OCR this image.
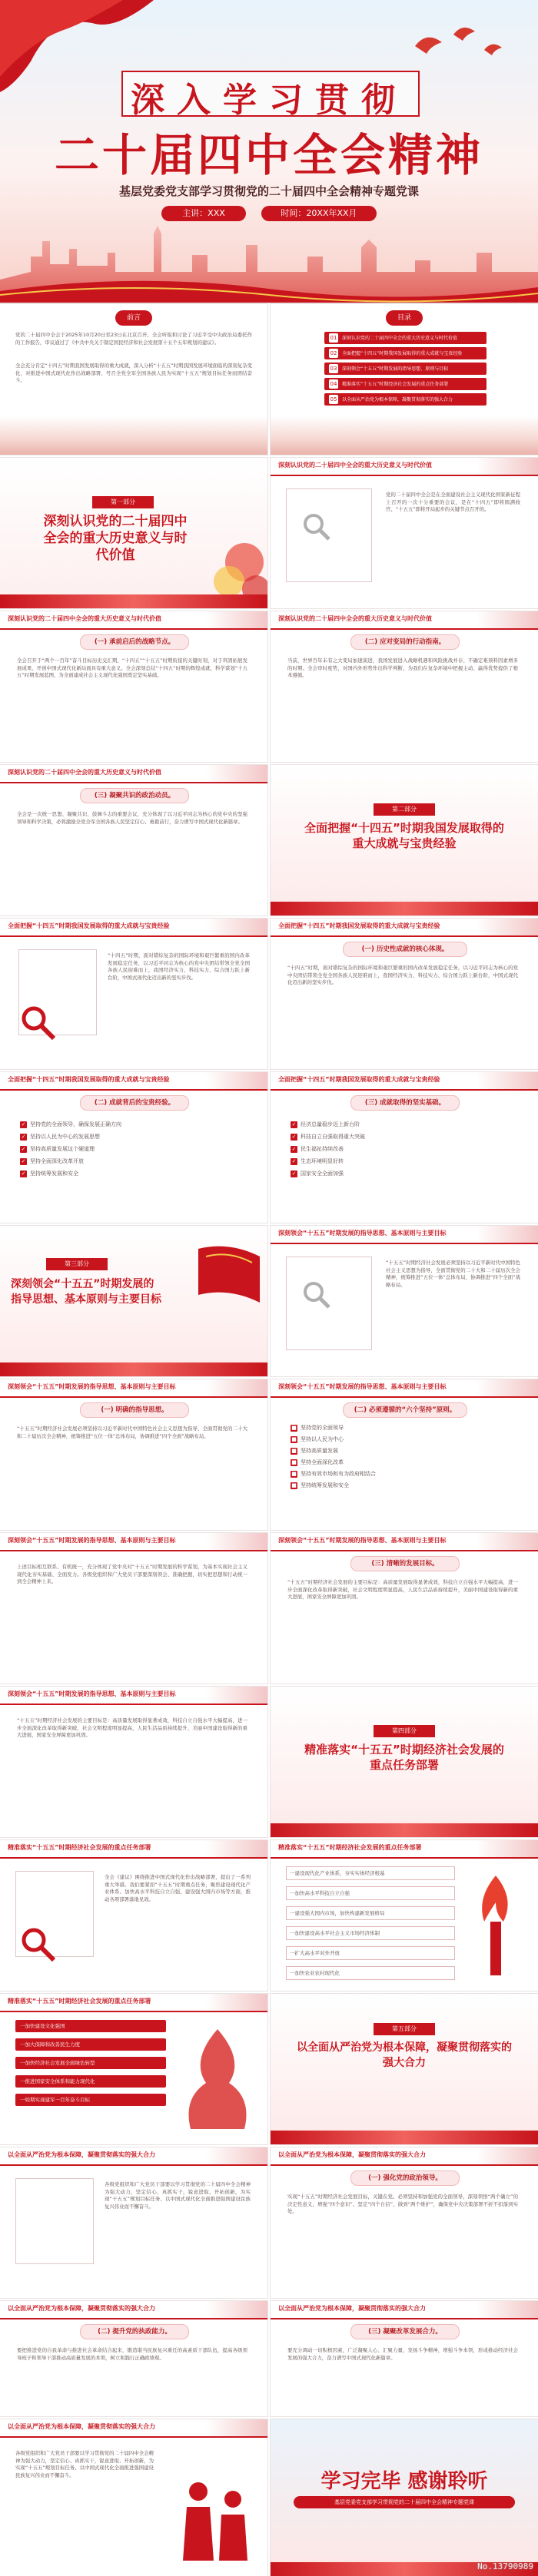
深入学习贯彻
二十届四中全会精神
基层党委党支部学习贯彻党的二十届四中全会精神专题党课
主讲：XXX	时间：20XX年XX月
前言
党的二十届四中全会于2025年10月20日至23日在北京召开。全会听取和讨论了习近平受中央政治局委托作的工作报告，审议通过了《中共中央关于制定国民经济和社会发展第十五个五年规划的建议》。
全会充分肯定“十四五”时期我国发展取得的重大成就，深入分析“十五五”时期我国发展环境面临的深刻复杂变化，对推进中国式现代化作出战略部署，号召全党全军全国各族人民为实现“十五五”规划目标任务而团结奋斗。
目录
01 深刻认识党的二十届四中全会的重大历史意义与时代价值
02 全面把握“十四五”时期我国发展取得的重大成就与宝贵经验
03 深刻领会“十五五”时期发展的指导思想、原则与目标
04 精准落实“十五五”时期经济社会发展的重点任务部署
05 以全面从严治党为根本保障，凝聚贯彻落实的强大合力
第一部分
深刻认识党的二十届四中全会的重大历史意义与时代价值
深刻认识党的二十届四中全会的重大历史意义与时代价值
党的二十届四中全会是在全面建设社会主义现代化国家新征程上召开的一次十分重要的会议，是在“十四五”即将圆满收官、“十五五”即将开局起步的关键节点召开的。
深刻认识党的二十届四中全会的重大历史意义与时代价值
(一) 承前启后的战略节点。
全会召开于“两个一百年”奋斗目标历史交汇期，“十四五”“十五五”时期衔接的关键时刻，对于巩固拓展发展成果、开创中国式现代化新局面具有重大意义。全会深刻总结“十四五”时期的辉煌成就，科学谋划“十五五”时期发展蓝图，为全面建成社会主义现代化强国奠定坚实基础。
深刻认识党的二十届四中全会的重大历史意义与时代价值
(二) 应对变局的行动指南。
当前，世界百年未有之大变局加速演进，我国发展进入战略机遇和风险挑战并存、不确定难预料因素增多的时期。全会审时度势，对国内外形势作出科学判断，为我们在复杂环境中把握主动、赢得优势提供了根本遵循。
深刻认识党的二十届四中全会的重大历史意义与时代价值
(三) 凝聚共识的政治动员。
全会是一次统一思想、凝聚共识、鼓舞斗志的重要会议，充分体现了以习近平同志为核心的党中央的坚强领导和科学决策，必将激励全党全军全国各族人民坚定信心、勇毅前行，奋力谱写中国式现代化新篇章。
第二部分
全面把握“十四五”时期我国发展取得的重大成就与宝贵经验
全面把握“十四五”时期我国发展取得的重大成就与宝贵经验
“十四五”时期，面对错综复杂的国际环境和艰巨繁重的国内改革发展稳定任务，以习近平同志为核心的党中央团结带领全党全国各族人民迎难而上，我国经济实力、科技实力、综合国力跃上新台阶，中国式现代化迈出新的坚实步伐。
全面把握“十四五”时期我国发展取得的重大成就与宝贵经验
(一) 历史性成就的核心体现。
“十四五”时期，面对错综复杂的国际环境和艰巨繁重的国内改革发展稳定任务，以习近平同志为核心的党中央团结带领全党全国各族人民迎难而上，我国经济实力、科技实力、综合国力跃上新台阶，中国式现代化迈出新的坚实步伐。
全面把握“十四五”时期我国发展取得的重大成就与宝贵经验
(二) 成就背后的宝贵经验。
✓ 坚持党的全面领导，确保发展正确方向
✓ 坚持以人民为中心的发展思想
✓ 坚持高质量发展这个硬道理
✓ 坚持全面深化改革开放
✓ 坚持统筹发展和安全
全面把握“十四五”时期我国发展取得的重大成就与宝贵经验
(三) 成就取得的坚实基础。
✓ 经济总量稳步迈上新台阶
✓ 科技自立自强取得重大突破
✓ 民生福祉持续改善
✓ 生态环境明显好转
✓ 国家安全全面加强
第三部分
深刻领会“十五五”时期发展的指导思想、基本原则与主要目标
深刻领会“十五五”时期发展的指导思想、基本原则与主要目标
“十五五”时期经济社会发展必须坚持以习近平新时代中国特色社会主义思想为指导，全面贯彻党的二十大和二十届历次全会精神，统筹推进“五位一体”总体布局，协调推进“四个全面”战略布局。
深刻领会“十五五”时期发展的指导思想、基本原则与主要目标
(一) 明确的指导思想。
“十五五”时期经济社会发展必须坚持以习近平新时代中国特色社会主义思想为指导，全面贯彻党的二十大和二十届历次全会精神，统筹推进“五位一体”总体布局，协调推进“四个全面”战略布局。
深刻领会“十五五”时期发展的指导思想、基本原则与主要目标
(二) 必须遵循的“六个坚持”原则。
■ 坚持党的全面领导
■ 坚持以人民为中心
■ 坚持高质量发展
■ 坚持全面深化改革
■ 坚持有效市场和有为政府相结合
■ 坚持统筹发展和安全
深刻领会“十五五”时期发展的指导思想、基本原则与主要目标
上述目标相互联系、有机统一，充分体现了党中央对“十五五”时期发展的科学谋划，为基本实现社会主义现代化夯实基础、全面发力。各级党组织和广大党员干部要深刻领会、准确把握，切实把思想和行动统一到全会精神上来。
深刻领会“十五五”时期发展的指导思想、基本原则与主要目标
(三) 清晰的发展目标。
“十五五”时期经济社会发展的主要目标是：高质量发展取得显著成效，科技自立自强水平大幅提高，进一步全面深化改革取得新突破，社会文明程度明显提高，人民生活品质持续提升，美丽中国建设取得新的重大进展，国家安全屏障更加巩固。
深刻领会“十五五”时期发展的指导思想、基本原则与主要目标
“十五五”时期经济社会发展的主要目标是：高质量发展取得显著成效，科技自立自强水平大幅提高，进一步全面深化改革取得新突破，社会文明程度明显提高，人民生活品质持续提升，美丽中国建设取得新的重大进展，国家安全屏障更加巩固。
第四部分
精准落实“十五五”时期经济社会发展的重点任务部署
精准落实“十五五”时期经济社会发展的重点任务部署
全会《建议》围绕推进中国式现代化作出战略部署，提出了一系列重大举措。我们要紧扣“十五五”时期重点任务，聚焦建设现代化产业体系、加快高水平科技自立自强、建设强大国内市场等方面，推动各项部署落地见效。
精准落实“十五五”时期经济社会发展的重点任务部署
一建设现代化产业体系，夯实实体经济根基
一加快高水平科技自立自强
一建设强大国内市场，加快构建新发展格局
一加快建设高水平社会主义市场经济体制
一扩大高水平对外开放
一加快农业农村现代化
精准落实“十五五”时期经济社会发展的重点任务部署
一加快建设文化强国
一加大保障和改善民生力度
一加快经济社会发展全面绿色转型
一推进国家安全体系和能力现代化
一如期实现建军一百年奋斗目标
第五部分
以全面从严治党为根本保障，凝聚贯彻落实的强大合力
以全面从严治党为根本保障，凝聚贯彻落实的强大合力
各级党组织和广大党员干部要以学习贯彻党的二十届四中全会精神为强大动力，坚定信心、真抓实干，锐意进取、开拓创新，为实现“十五五”规划目标任务、以中国式现代化全面推进强国建设民族复兴伟业而不懈奋斗。
以全面从严治党为根本保障，凝聚贯彻落实的强大合力
(一) 强化党的政治领导。
实现“十五五”时期经济社会发展目标，关键在党。必须坚持和加强党的全面领导，深刻领悟“两个确立”的决定性意义，增强“四个意识”、坚定“四个自信”、做到“两个维护”，确保党中央决策部署不折不扣落到实处。
以全面从严治党为根本保障，凝聚贯彻落实的强大合力
(二) 提升党的执政能力。
要把推进党的自我革命与推进社会革命结合起来，锻造堪当民族复兴重任的高素质干部队伍，提高各级领导班子和领导干部推动高质量发展的本领，树立和践行正确政绩观。
以全面从严治党为根本保障，凝聚贯彻落实的强大合力
(三) 凝聚改革发展合力。
要充分调动一切积极因素，广泛凝聚人心、汇聚力量，发扬斗争精神，增强斗争本领，形成推动经济社会发展的强大合力，奋力谱写中国式现代化新篇章。
以全面从严治党为根本保障，凝聚贯彻落实的强大合力
各级党组织和广大党员干部要以学习贯彻党的二十届四中全会精神为强大动力，坚定信心、真抓实干，锐意进取、开拓创新，为实现“十五五”规划目标任务、以中国式现代化全面推进强国建设民族复兴伟业而不懈奋斗。	学习完毕 感谢聆听
基层党委党支部学习贯彻党的二十届四中全会精神专题党课
No.13790989
